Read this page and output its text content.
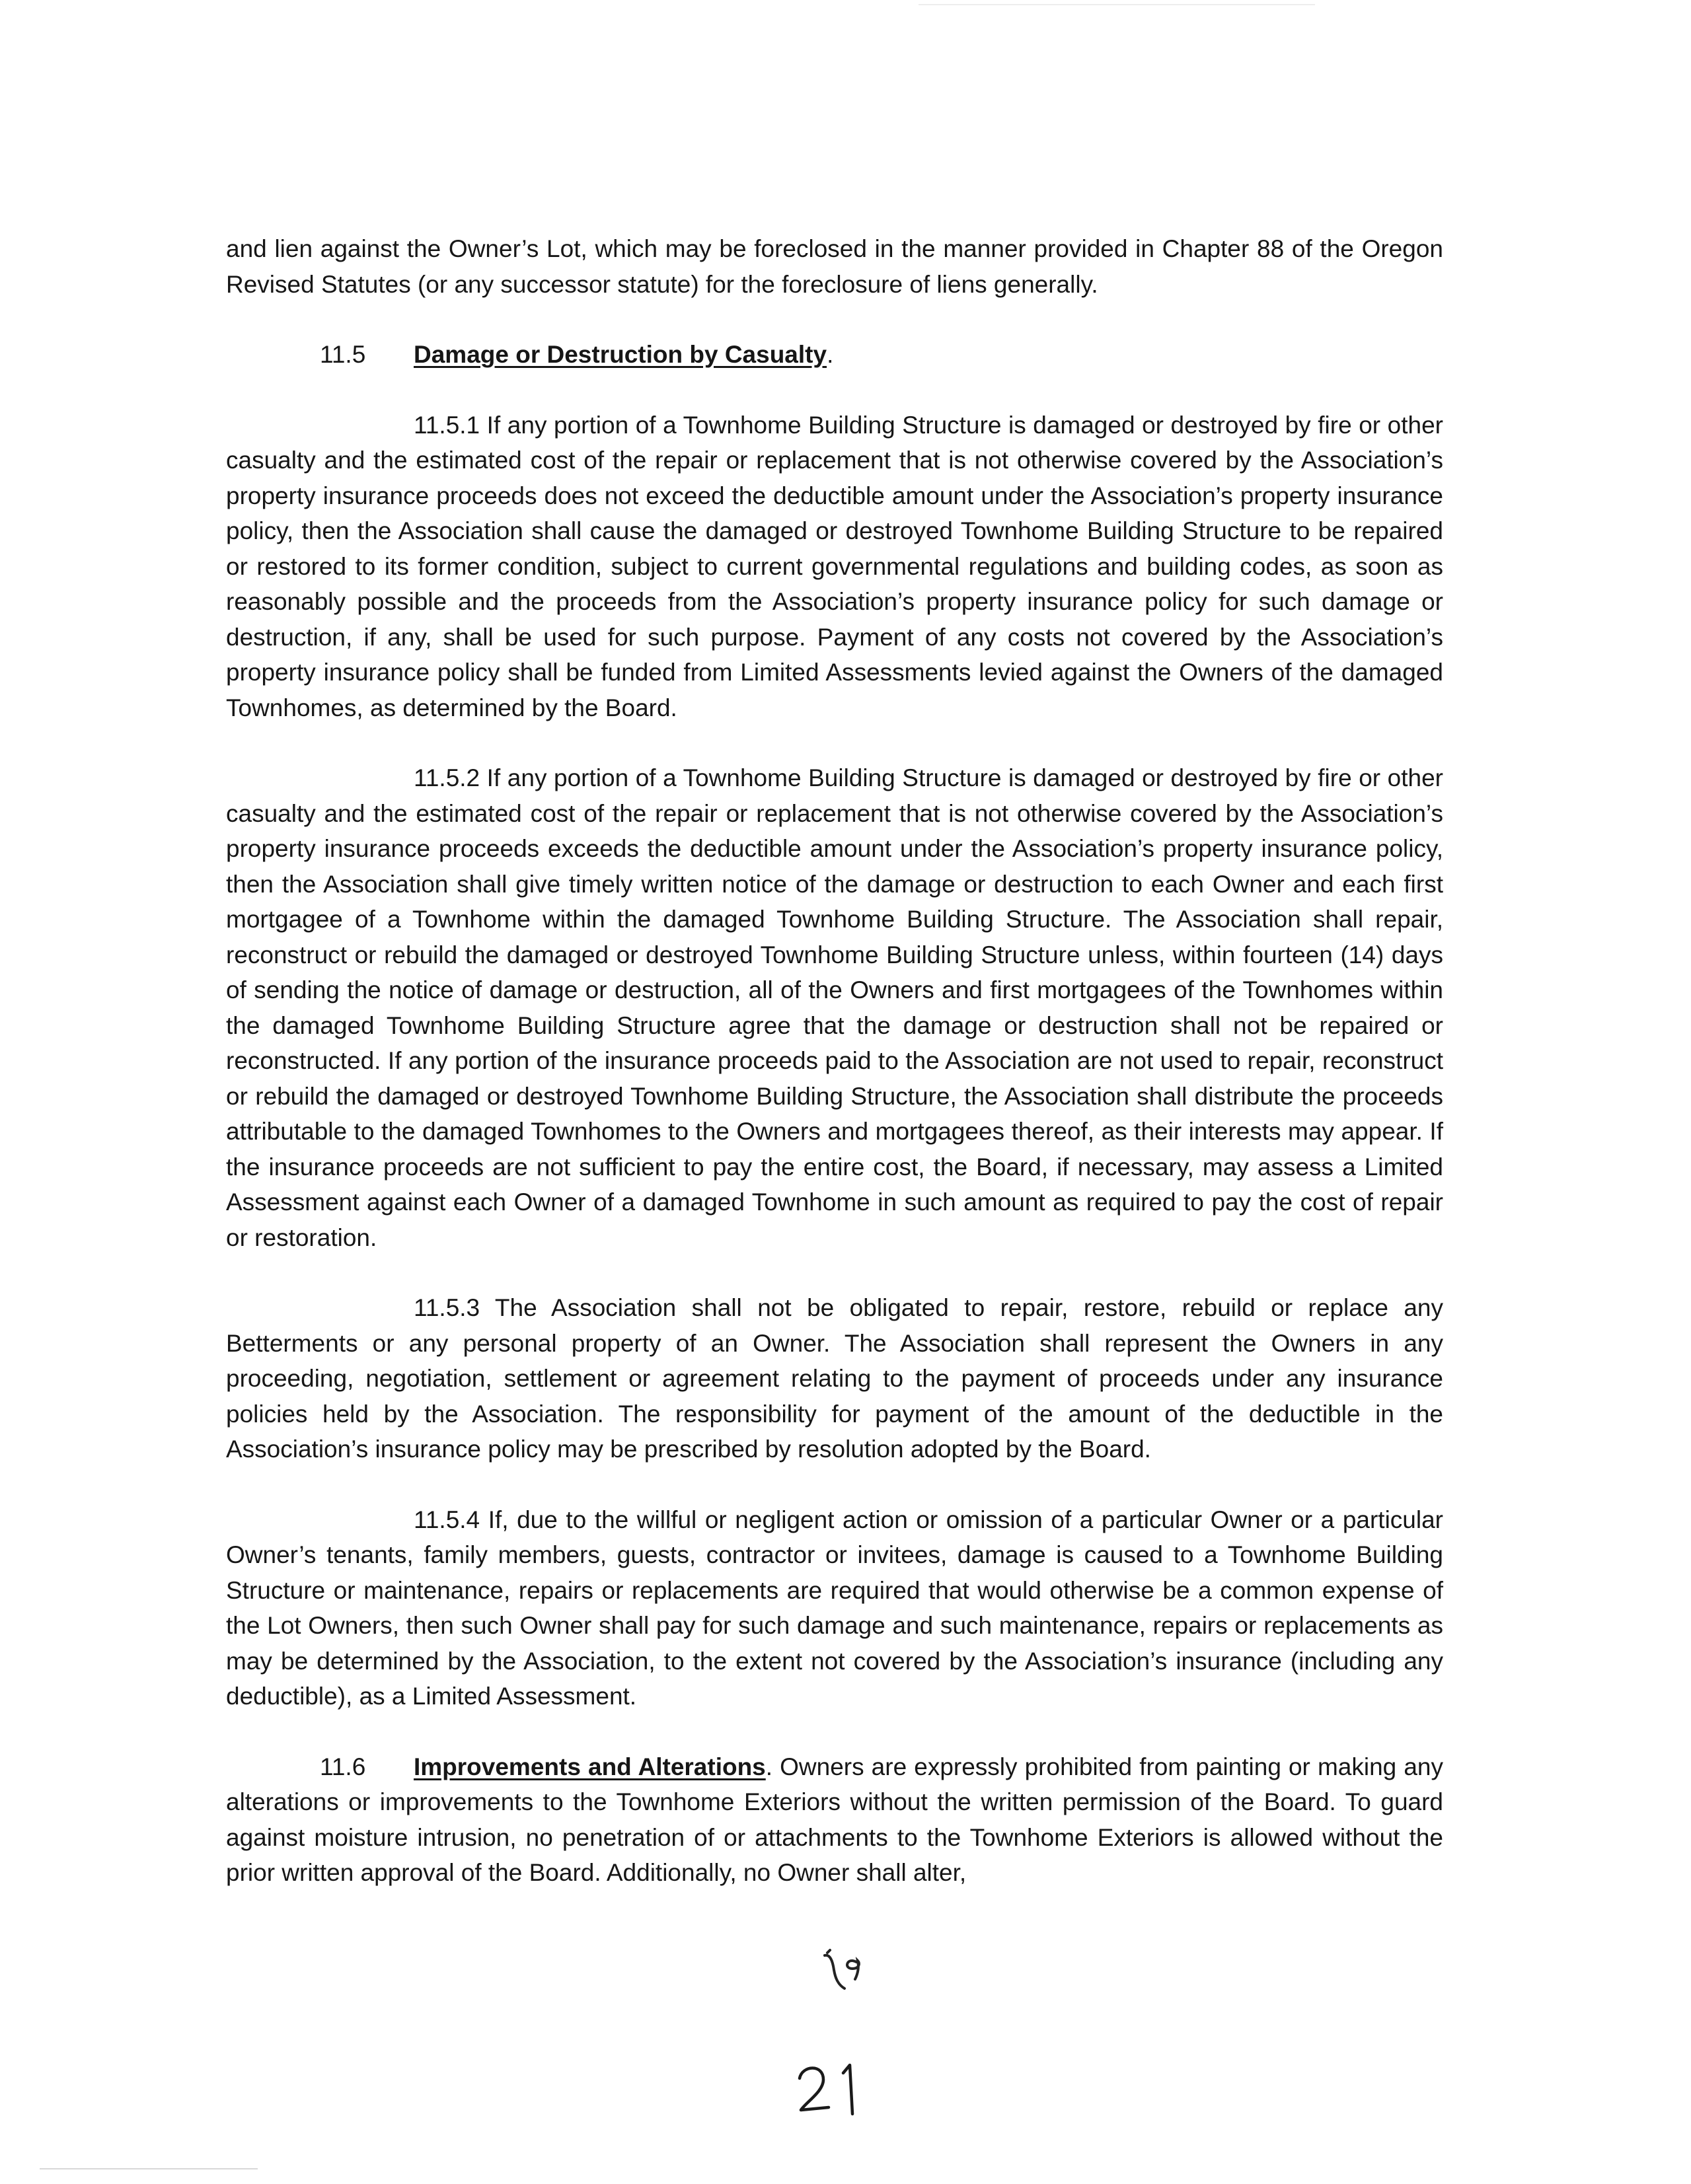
and lien against the Owner’s Lot, which may be foreclosed in the manner provided in Chapter 88 of the Oregon Revised Statutes (or any successor statute) for the foreclosure of liens generally.

11.5 Damage or Destruction by Casualty.

11.5.1 If any portion of a Townhome Building Structure is damaged or destroyed by fire or other casualty and the estimated cost of the repair or replacement that is not otherwise covered by the Association’s property insurance proceeds does not exceed the deductible amount under the Association’s property insurance policy, then the Association shall cause the damaged or destroyed Townhome Building Structure to be repaired or restored to its former condition, subject to current governmental regulations and building codes, as soon as reasonably possible and the proceeds from the Association’s property insurance policy for such damage or destruction, if any, shall be used for such purpose. Payment of any costs not covered by the Association’s property insurance policy shall be funded from Limited Assessments levied against the Owners of the damaged Townhomes, as determined by the Board.

11.5.2 If any portion of a Townhome Building Structure is damaged or destroyed by fire or other casualty and the estimated cost of the repair or replacement that is not otherwise covered by the Association’s property insurance proceeds exceeds the deductible amount under the Association’s property insurance policy, then the Association shall give timely written notice of the damage or destruction to each Owner and each first mortgagee of a Townhome within the damaged Townhome Building Structure. The Association shall repair, reconstruct or rebuild the damaged or destroyed Townhome Building Structure unless, within fourteen (14) days of sending the notice of damage or destruction, all of the Owners and first mortgagees of the Townhomes within the damaged Townhome Building Structure agree that the damage or destruction shall not be repaired or reconstructed. If any portion of the insurance proceeds paid to the Association are not used to repair, reconstruct or rebuild the damaged or destroyed Townhome Building Structure, the Association shall distribute the proceeds attributable to the damaged Townhomes to the Owners and mortgagees thereof, as their interests may appear. If the insurance proceeds are not sufficient to pay the entire cost, the Board, if necessary, may assess a Limited Assessment against each Owner of a damaged Townhome in such amount as required to pay the cost of repair or restoration.

11.5.3 The Association shall not be obligated to repair, restore, rebuild or replace any Betterments or any personal property of an Owner. The Association shall represent the Owners in any proceeding, negotiation, settlement or agreement relating to the payment of proceeds under any insurance policies held by the Association. The responsibility for payment of the amount of the deductible in the Association’s insurance policy may be prescribed by resolution adopted by the Board.

11.5.4 If, due to the willful or negligent action or omission of a particular Owner or a particular Owner’s tenants, family members, guests, contractor or invitees, damage is caused to a Townhome Building Structure or maintenance, repairs or replacements are required that would otherwise be a common expense of the Lot Owners, then such Owner shall pay for such damage and such maintenance, repairs or replacements as may be determined by the Association, to the extent not covered by the Association’s insurance (including any deductible), as a Limited Assessment.

11.6 Improvements and Alterations. Owners are expressly prohibited from painting or making any alterations or improvements to the Townhome Exteriors without the written permission of the Board. To guard against moisture intrusion, no penetration of or attachments to the Townhome Exteriors is allowed without the prior written approval of the Board. Additionally, no Owner shall alter,
